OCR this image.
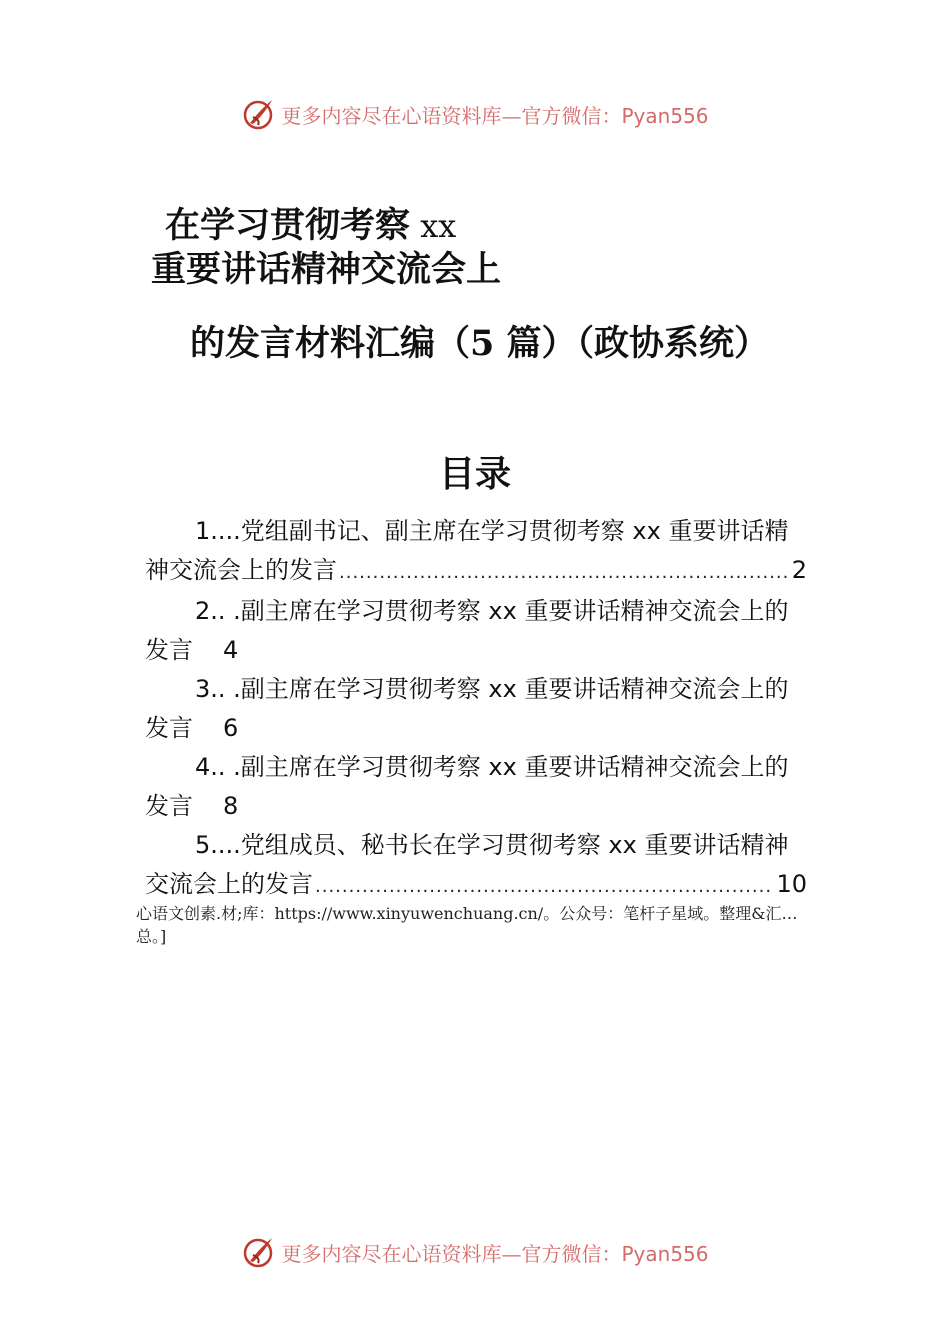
更多内容尽在心语资料库—官方微信：Pyan556
在学习贯彻考察 xx
重要讲话精神交流会上
的发言材料汇编（5 篇）（政协系统）
目录
1....党组副书记、副主席在学习贯彻考察 xx 重要讲话精
神交流会上的发言 .....	2
2.. .副主席在学习贯彻考察 xx 重要讲话精神交流会上的
发言 4
3.. .副主席在学习贯彻考察 xx 重要讲话精神交流会上的
发言 6
4.. .副主席在学习贯彻考察 xx 重要讲话精神交流会上的
发言 8
5....党组成员、秘书长在学习贯彻考察 xx 重要讲话精神
交流会上的发言 .....	10
心语文创素.材;库：https://www.xinyuwenchuang.cn/。公众号：笔杆子星域。整理&汇…
总。]
更多内容尽在心语资料库—官方微信：Pyan556
